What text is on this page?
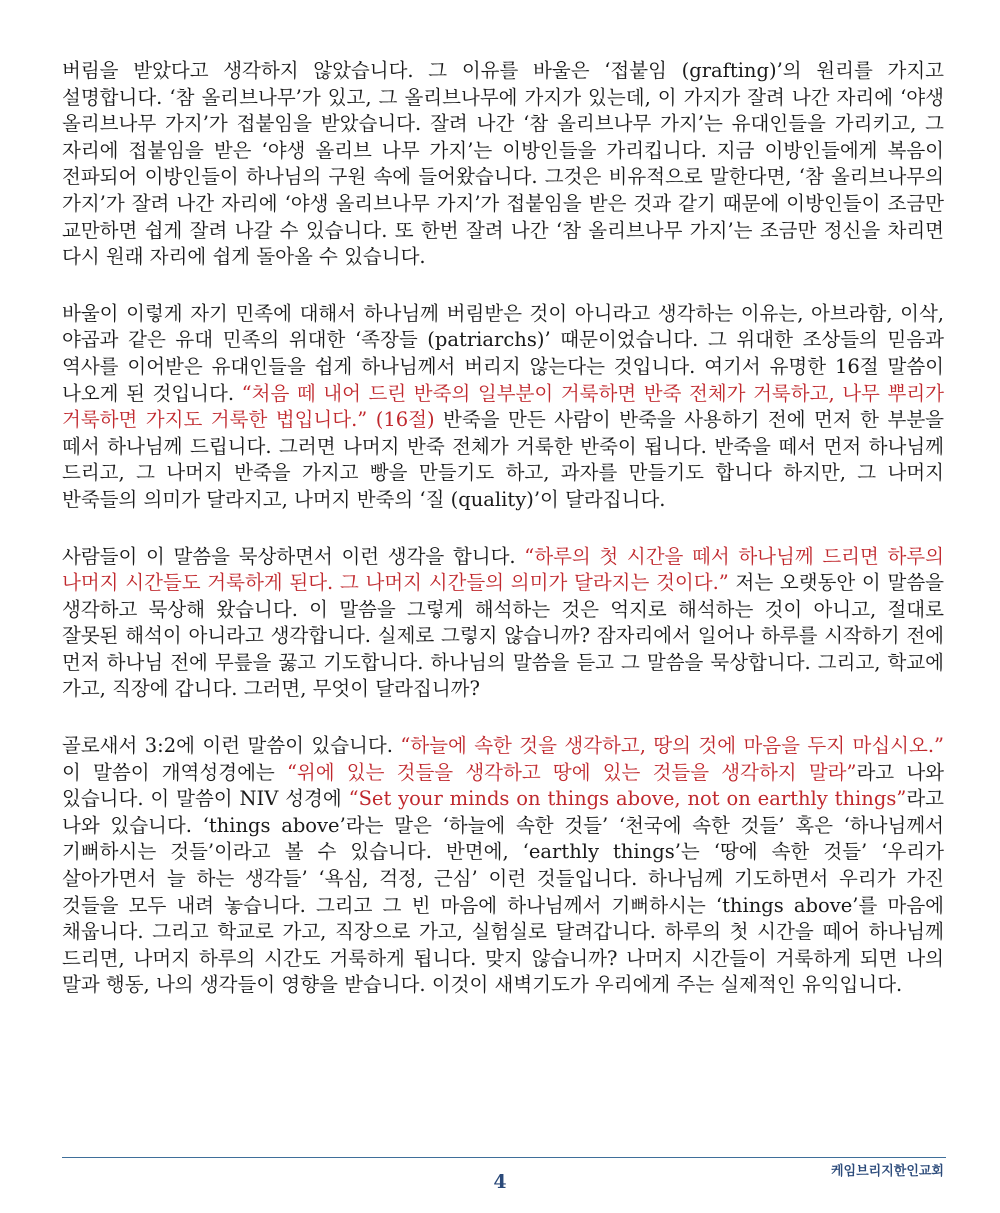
버림을 받았다고 생각하지 않았습니다. 그 이유를 바울은 ‘접붙임 (grafting)’의 원리를 가지고 설명합니다. ‘참 올리브나무’가 있고, 그 올리브나무에 가지가 있는데, 이 가지가 잘려 나간 자리에 ‘야생 올리브나무 가지’가 접붙임을 받았습니다. 잘려 나간 ‘참 올리브나무 가지’는 유대인들을 가리키고, 그 자리에 접붙임을 받은 ‘야생 올리브 나무 가지’는 이방인들을 가리킵니다. 지금 이방인들에게 복음이 전파되어 이방인들이 하나님의 구원 속에 들어왔습니다. 그것은 비유적으로 말한다면, ‘참 올리브나무의 가지’가 잘려 나간 자리에 ‘야생 올리브나무 가지’가 접붙임을 받은 것과 같기 때문에 이방인들이 조금만 교만하면 쉽게 잘려 나갈 수 있습니다. 또 한번 잘려 나간 ‘참 올리브나무 가지’는 조금만 정신을 차리면 다시 원래 자리에 쉽게 돌아올 수 있습니다.

바울이 이렇게 자기 민족에 대해서 하나님께 버림받은 것이 아니라고 생각하는 이유는, 아브라함, 이삭, 야곱과 같은 유대 민족의 위대한 ‘족장들 (patriarchs)’ 때문이었습니다. 그 위대한 조상들의 믿음과 역사를 이어받은 유대인들을 쉽게 하나님께서 버리지 않는다는 것입니다. 여기서 유명한 16절 말씀이 나오게 된 것입니다. “처음 떼 내어 드린 반죽의 일부분이 거룩하면 반죽 전체가 거룩하고, 나무 뿌리가 거룩하면 가지도 거룩한 법입니다.” (16절) 반죽을 만든 사람이 반죽을 사용하기 전에 먼저 한 부분을 떼서 하나님께 드립니다. 그러면 나머지 반죽 전체가 거룩한 반죽이 됩니다. 반죽을 떼서 먼저 하나님께 드리고, 그 나머지 반죽을 가지고 빵을 만들기도 하고, 과자를 만들기도 합니다 하지만, 그 나머지 반죽들의 의미가 달라지고, 나머지 반죽의 ‘질 (quality)’이 달라집니다.

사람들이 이 말씀을 묵상하면서 이런 생각을 합니다. “하루의 첫 시간을 떼서 하나님께 드리면 하루의 나머지 시간들도 거룩하게 된다. 그 나머지 시간들의 의미가 달라지는 것이다.” 저는 오랫동안 이 말씀을 생각하고 묵상해 왔습니다. 이 말씀을 그렇게 해석하는 것은 억지로 해석하는 것이 아니고, 절대로 잘못된 해석이 아니라고 생각합니다. 실제로 그렇지 않습니까? 잠자리에서 일어나 하루를 시작하기 전에 먼저 하나님 전에 무릎을 꿇고 기도합니다. 하나님의 말씀을 듣고 그 말씀을 묵상합니다. 그리고, 학교에 가고, 직장에 갑니다. 그러면, 무엇이 달라집니까?

골로새서 3:2에 이런 말씀이 있습니다. “하늘에 속한 것을 생각하고, 땅의 것에 마음을 두지 마십시오.” 이 말씀이 개역성경에는 “위에 있는 것들을 생각하고 땅에 있는 것들을 생각하지 말라”라고 나와 있습니다. 이 말씀이 NIV 성경에 “Set your minds on things above, not on earthly things”라고 나와 있습니다. ‘things above’라는 말은 ‘하늘에 속한 것들’ ‘천국에 속한 것들’ 혹은 ‘하나님께서 기뻐하시는 것들’이라고 볼 수 있습니다. 반면에, ‘earthly things’는 ‘땅에 속한 것들’ ‘우리가 살아가면서 늘 하는 생각들’ ‘욕심, 걱정, 근심’ 이런 것들입니다. 하나님께 기도하면서 우리가 가진 것들을 모두 내려 놓습니다. 그리고 그 빈 마음에 하나님께서 기뻐하시는 ‘things above’를 마음에 채웁니다. 그리고 학교로 가고, 직장으로 가고, 실험실로 달려갑니다. 하루의 첫 시간을 떼어 하나님께 드리면, 나머지 하루의 시간도 거룩하게 됩니다. 맞지 않습니까? 나머지 시간들이 거룩하게 되면 나의 말과 행동, 나의 생각들이 영향을 받습니다. 이것이 새벽기도가 우리에게 주는 실제적인 유익입니다.

4	케임브리지한인교회
